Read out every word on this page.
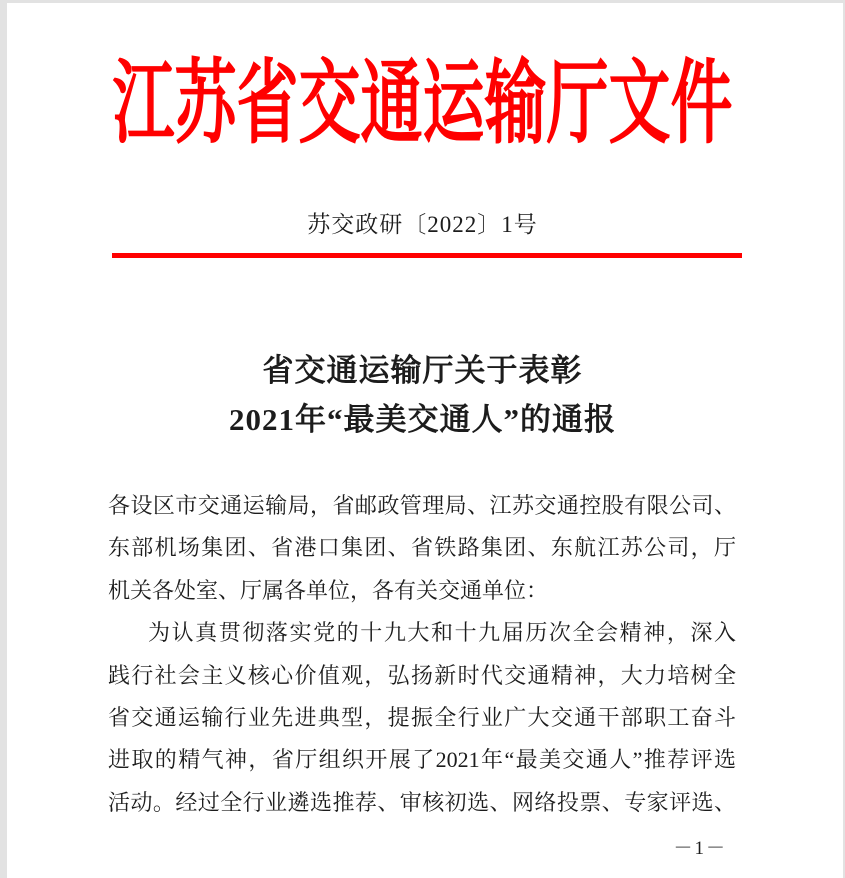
江苏省交通运输厅文件
苏交政研〔2022〕1号
省交通运输厅关于表彰
2021年“最美交通人”的通报
各设区市交通运输局，省邮政管理局、江苏交通控股有限公司、
东部机场集团、省港口集团、省铁路集团、东航江苏公司，厅
机关各处室、厅属各单位，各有关交通单位：
为认真贯彻落实党的十九大和十九届历次全会精神，深入
践行社会主义核心价值观，弘扬新时代交通精神，大力培树全
省交通运输行业先进典型，提振全行业广大交通干部职工奋斗
进取的精气神，省厅组织开展了2021年“最美交通人”推荐评选
活动。经过全行业遴选推荐、审核初选、网络投票、专家评选、
－1－
